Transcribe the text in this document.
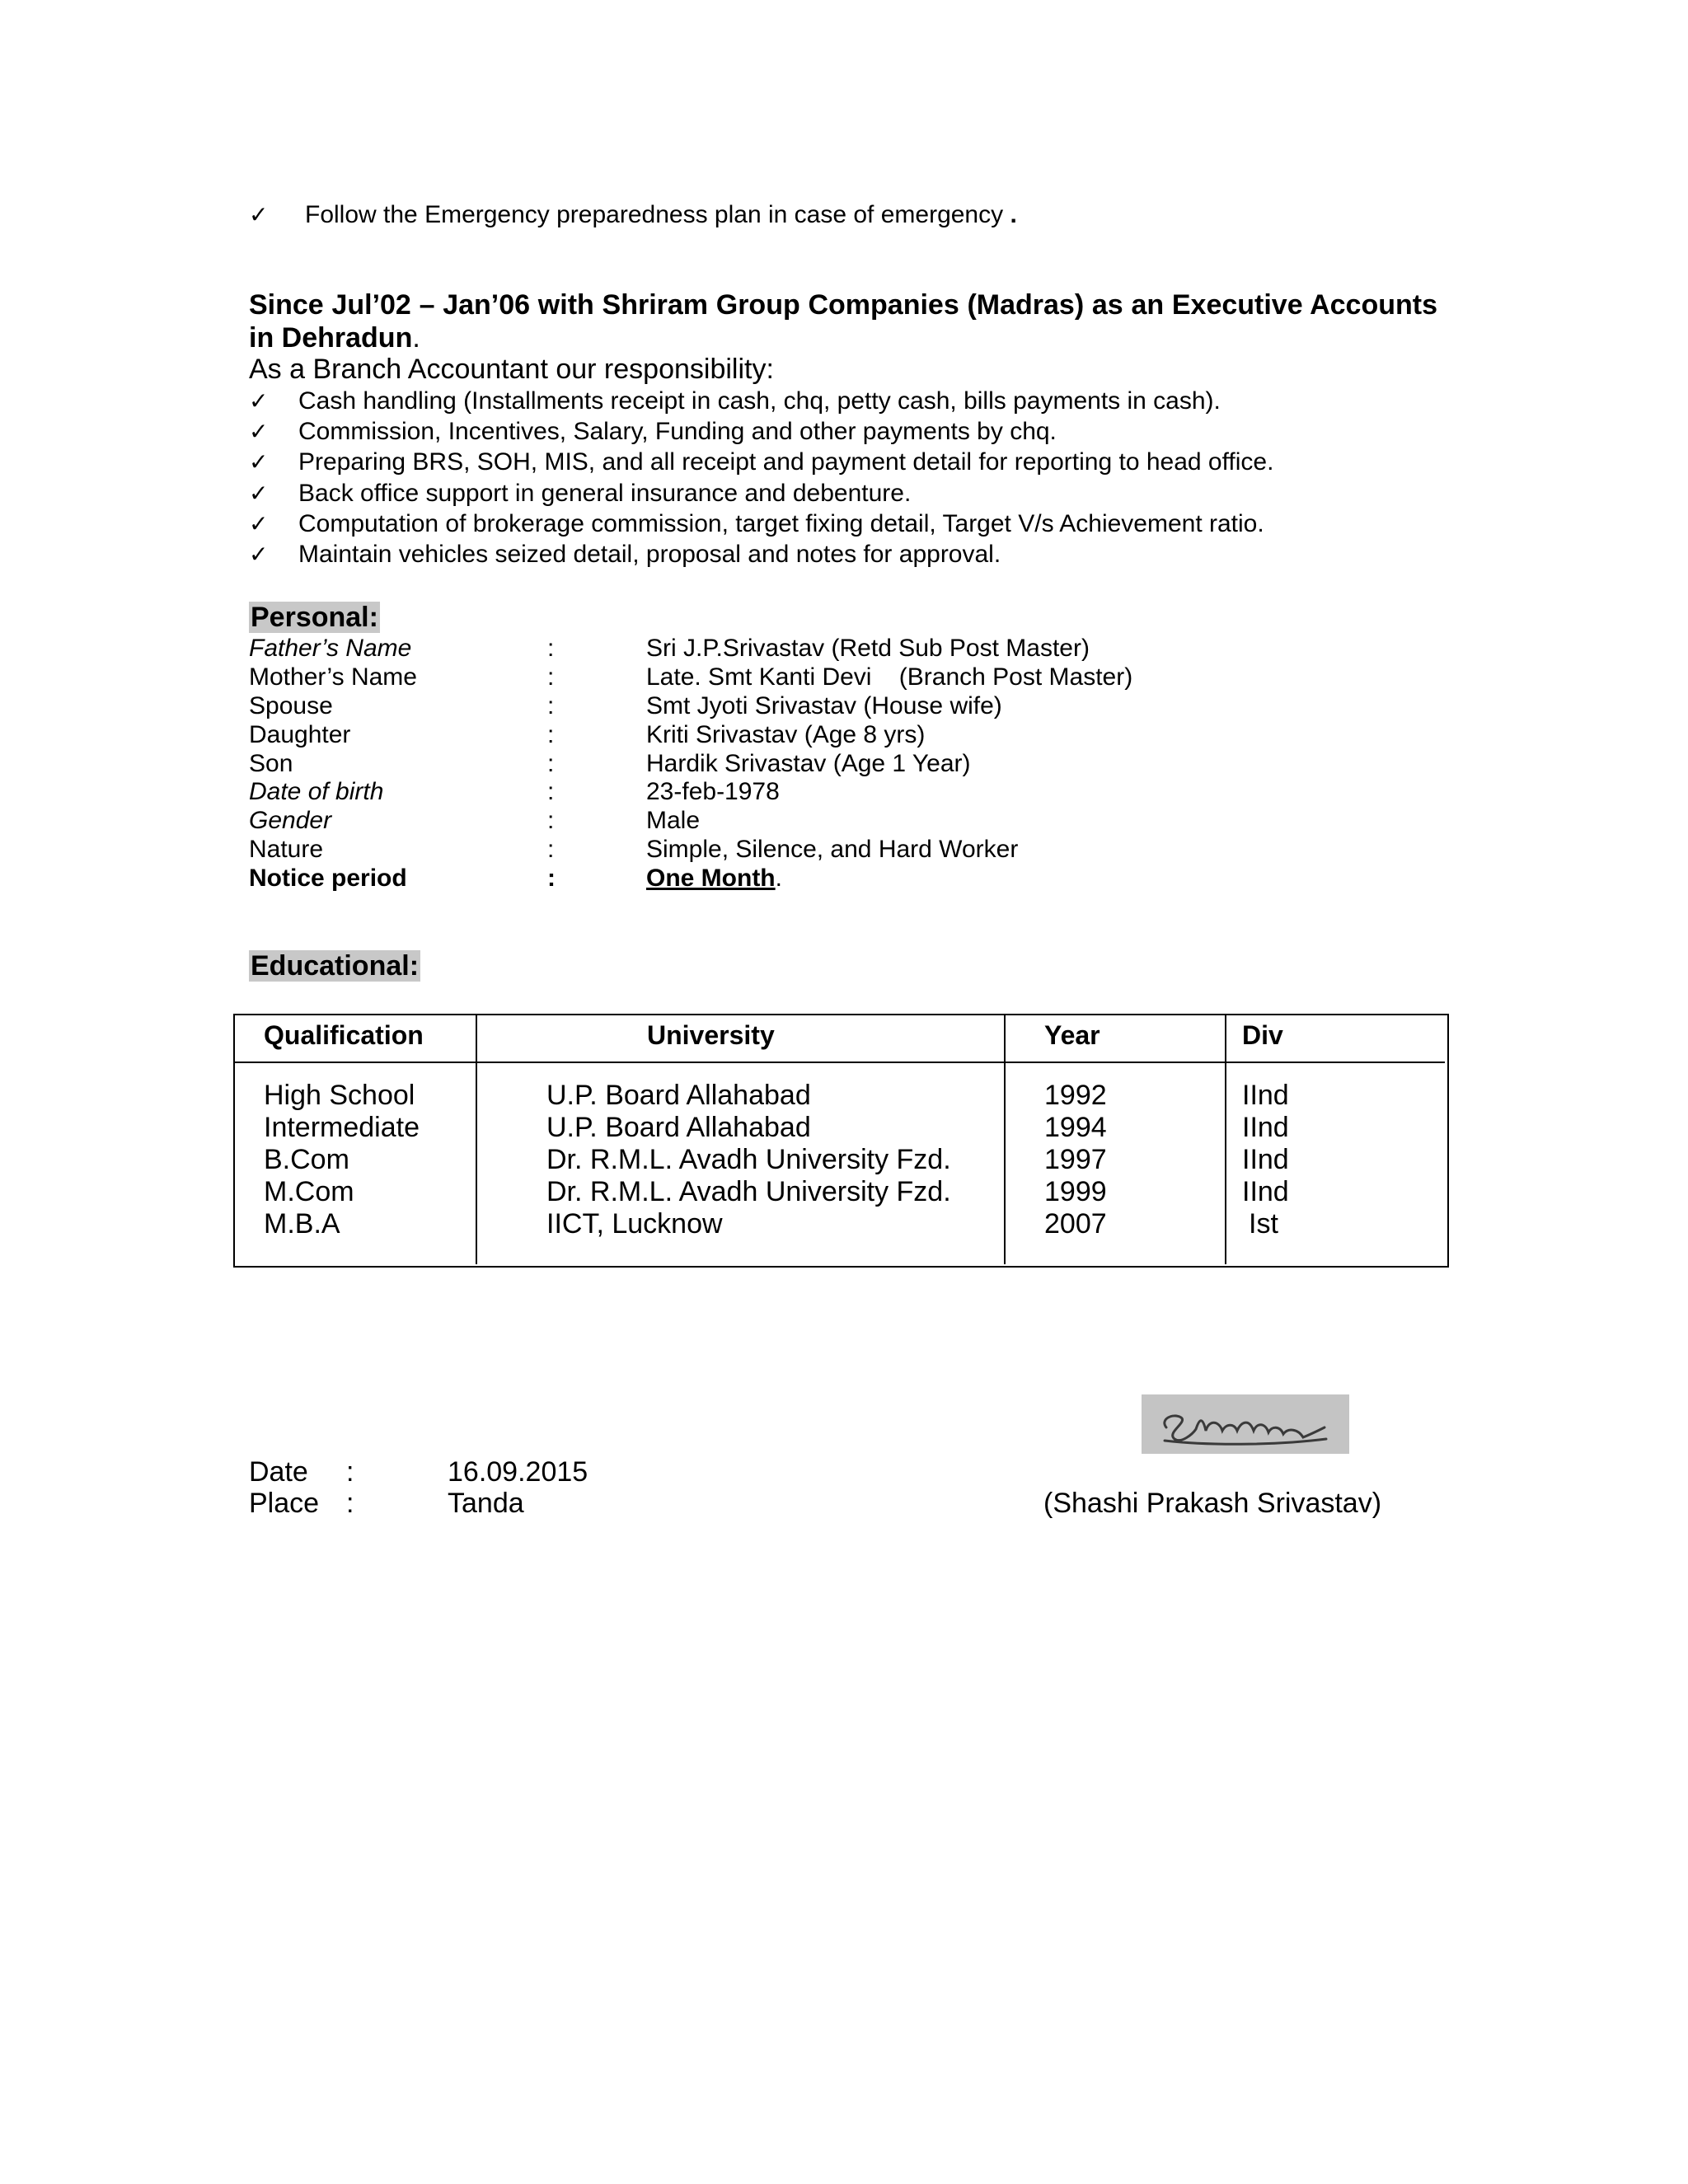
✓ Follow the Emergency preparedness plan in case of emergency .
Since Jul’02 – Jan’06 with Shriram Group Companies (Madras) as an Executive Accounts in Dehradun.
As a Branch Accountant our responsibility:
✓ Cash handling (Installments receipt in cash, chq, petty cash, bills payments in cash).
✓ Commission, Incentives, Salary, Funding and other payments by chq.
✓ Preparing BRS, SOH, MIS, and all receipt and payment detail for reporting to head office.
✓ Back office support in general insurance and debenture.
✓ Computation of brokerage commission, target fixing detail, Target V/s Achievement ratio.
✓ Maintain vehicles seized detail, proposal and notes for approval.
Personal:
Father’s Name	:	Sri J.P.Srivastav (Retd Sub Post Master)
Mother’s Name	:	Late. Smt Kanti Devi    (Branch Post Master)
Spouse	:	Smt Jyoti Srivastav (House wife)
Daughter	:	Kriti Srivastav (Age 8 yrs)
Son	:	Hardik Srivastav (Age 1 Year)
Date of birth	:	23-feb-1978
Gender	:	Male
Nature	:	Simple, Silence, and Hard Worker
Notice period	:	One Month.
Educational:
Qualification	University	Year	Div
High School	U.P. Board Allahabad	1992	IInd
Intermediate	U.P. Board Allahabad	1994	IInd
B.Com	Dr. R.M.L. Avadh University Fzd.	1997	IInd
M.Com	Dr. R.M.L. Avadh University Fzd.	1999	IInd
M.B.A	IICT, Lucknow	2007	Ist
Date :	16.09.2015
Place :	Tanda	(Shashi Prakash Srivastav)
